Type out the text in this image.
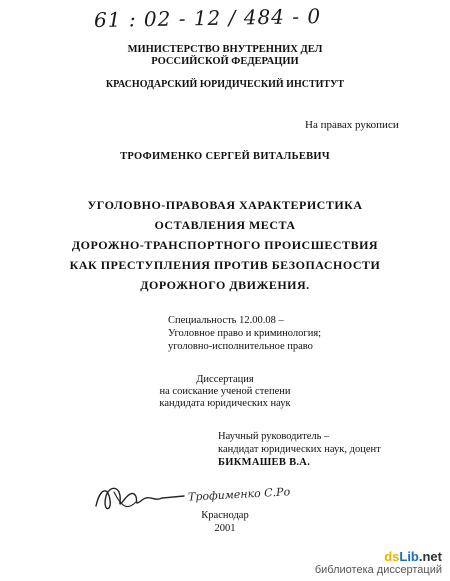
61 : 02 - 12 / 484 - 0
МИНИСТЕРСТВО ВНУТРЕННИХ ДЕЛ
РОССИЙСКОЙ ФЕДЕРАЦИИ
КРАСНОДАРСКИЙ ЮРИДИЧЕСКИЙ ИНСТИТУТ
На правах рукописи
ТРОФИМЕНКО СЕРГЕЙ ВИТАЛЬЕВИЧ
УГОЛОВНО-ПРАВОВАЯ ХАРАКТЕРИСТИКА
ОСТАВЛЕНИЯ МЕСТА
ДОРОЖНО-ТРАНСПОРТНОГО ПРОИСШЕСТВИЯ
КАК ПРЕСТУПЛЕНИЯ ПРОТИВ БЕЗОПАСНОСТИ
ДОРОЖНОГО ДВИЖЕНИЯ.
Специальность 12.00.08 –
Уголовное право и криминология;
уголовно-исполнительное право
Диссертация
на соискание ученой степени
кандидата юридических наук
Научный руководитель –
кандидат юридических наук, доцент
БИКМАШЕВ В.А.
Трофименко С.Ро
Краснодар
2001
dsLib.net
библиотека диссертаций
